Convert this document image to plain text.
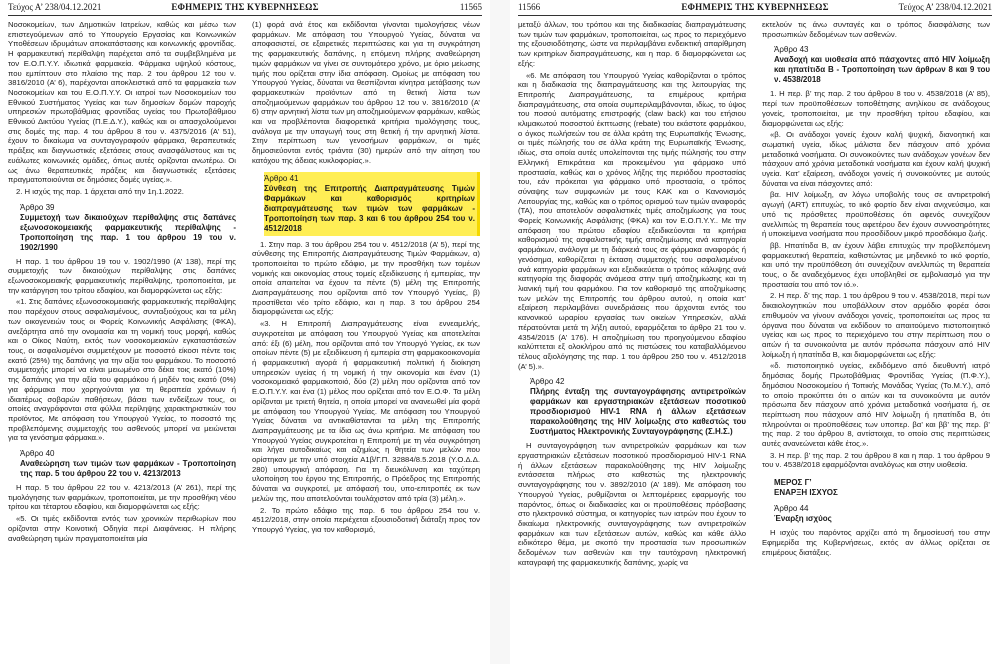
Τεύχος Α’ 238/04.12.2021	ΕΦΗΜΕΡΙΣ ΤΗΣ ΚΥΒΕΡΝΗΣΕΩΣ	11565

Νοσοκομείων, των Δημοτικών Ιατρείων, καθώς και μέσω των επιστεγούμενων από το Υπουργείο Εργασίας και Κοινωνικών Υποθέσεων ιδρυμάτων αποκατάστασης και κοινωνικής φροντίδας. Η φαρμακευτική περίθαλψη παρέχεται από τα συμβεβλημένα με τον Ε.Ο.Π.Υ.Υ. ιδιωτικά φαρμακεία. Φάρμακα υψηλού κόστους, που εμπίπτουν στο πλαίσιο της παρ. 2 του άρθρου 12 του ν. 3816/2010 (Α’ 6), παρέχονται αποκλειστικά από τα φαρμακεία των Νοσοκομείων και του Ε.Ο.Π.Υ.Υ. Οι ιατροί των Νοσοκομείων του Εθνικού Συστήματος Υγείας και των δημοσίων δομών παροχής υπηρεσιών πρωτοβάθμιας φροντίδας υγείας του Πρωτοβάθμιου Εθνικού Δικτύου Υγείας (Π.Ε.Δ.Υ.), καθώς και οι απασχολούμενοι στις δομές της παρ. 4 του άρθρου 8 του ν. 4375/2016 (Α’ 51), έχουν το δικαίωμα να συνταγογραφούν φάρμακα, θεραπευτικές πράξεις και διαγνωστικές εξετάσεις στους ανασφάλιστους και τις ευάλωτες κοινωνικές ομάδες, όπως αυτές ορίζονται ανωτέρω. Οι ως άνω θεραπευτικές πράξεις και διαγνωστικές εξετάσεις πραγματοποιούνται σε δημόσιες δομές υγείας.».

2. Η ισχύς της παρ. 1 άρχεται από την 1η.1.2022.

Άρθρο 39
Συμμετοχή των δικαιούχων περίθαλψης στις δαπάνες εξωνοσοκομειακής φαρμακευτικής περίθαλψης - Τροποποίηση της παρ. 1 του άρθρου 19 του ν. 1902/1990

Η παρ. 1 του άρθρου 19 του ν. 1902/1990 (Α’ 138), περί της συμμετοχής των δικαιούχων περίθαλψης στις δαπάνες εξωνοσοκομειακής φαρμακευτικής περίθαλψης, τροποποιείται, με την κατάργηση του τρίτου εδαφίου, και διαμορφώνεται ως εξής:

«1. Στις δαπάνες εξωνοσοκομειακής φαρμακευτικής περίθαλψης που παρέχουν στους ασφαλισμένους, συνταξιούχους και τα μέλη των οικογενειών τους οι Φορείς Κοινωνικής Ασφάλισης (ΦΚΑ), ανεξάρτητα από την ονομασία και τη νομική τους μορφή, καθώς και ο Οίκος Ναύτη, εκτός των νοσοκομειακών εγκαταστάσεών τους, οι ασφαλισμένοι συμμετέχουν με ποσοστό είκοσι πέντε τοις εκατό (25%) της δαπάνης για την αξία του φαρμάκου. Το ποσοστό συμμετοχής μπορεί να είναι μειωμένο στο δέκα τοις εκατό (10%) της δαπάνης για την αξία του φαρμάκου ή μηδέν τοις εκατό (0%) για φάρμακα που χορηγούνται για τη θεραπεία χρόνιων ή ιδιαιτέρως σοβαρών παθήσεων, βάσει των ενδείξεων τους, οι οποίες αναγράφονται στα φύλλα περίληψης χαρακτηριστικών του προϊόντος. Με απόφαση του Υπουργού Υγείας, το ποσοστό της προβλεπόμενης συμμετοχής του ασθενούς μπορεί να μειώνεται για τα γενόσημα φάρμακα.».

Άρθρο 40
Αναθεώρηση των τιμών των φαρμάκων - Τροποποίηση της παρ. 5 του άρθρου 22 του ν. 4213/2013

Η παρ. 5 του άρθρου 22 του ν. 4213/2013 (Α’ 261), περί της τιμολόγησης των φαρμάκων, τροποποιείται, με την προσθήκη νέου τρίτου και τέταρτου εδαφίου, και διαμορφώνεται ως εξής:

«5. Οι τιμές εκδίδονται εντός των χρονικών περιθωρίων που ορίζονται στην Κοινοτική Οδηγία περί Διαφάνειας. Η πλήρης αναθεώρηση τιμών πραγματοποιείται μία

(1) φορά ανά έτος και εκδίδονται γίνονται τιμολογήσεις νέων φαρμάκων. Με απόφαση του Υπουργού Υγείας, δύναται να αποφασιστεί, σε εξαιρετικές περιπτώσεις και για τη συγκράτηση της φαρμακευτικής δαπάνης, η επόμενη πλήρης αναθεώρηση τιμών φαρμάκων να γίνει σε συντομότερο χρόνο, με όριο μείωσης τιμής που ορίζεται στην ίδια απόφαση. Ομοίως με απόφαση του Υπουργού Υγείας, δύναται να θεσπίζονται κίνητρα μετάβασης των φαρμακευτικών προϊόντων από τη θετική λίστα των αποζημιούμενων φαρμάκων του άρθρου 12 του ν. 3816/2010 (Α’ 6) στην αρνητική λίστα των μη αποζημιούμενων φαρμάκων, καθώς και να προβλέπονται διαφορετικά κριτήρια τιμολόγησης τους, ανάλογα με την υπαγωγή τους στη θετική ή την αρνητική λίστα. Στην περίπτωση των γενοσήμων φαρμάκων, οι τιμές δημοσιεύονται εντός τριάντα (30) ημερών από την αίτηση του κατόχου της άδειας κυκλοφορίας.».

Άρθρο 41
Σύνθεση της Επιτροπής Διαπραγμάτευσης Τιμών Φαρμάκων και καθορισμός κριτηρίων διαπραγμάτευσης των τιμών των φαρμάκων - Τροποποίηση των παρ. 3 και 6 του άρθρου 254 του ν. 4512/2018

1. Στην παρ. 3 του άρθρου 254 του ν. 4512/2018 (Α’ 5), περί της σύνθεσης της Επιτροπής Διαπραγμάτευσης Τιμών Φαρμάκων, α) τροποποιείται το πρώτο εδάφιο, με την προσθήκη των τομέων νομικής και οικονομίας στους τομείς εξειδίκευσης ή εμπειρίας, την οποία απαιτείται να έχουν τα πέντε (5) μέλη της Επιτροπής Διαπραγμάτευσης που ορίζονται από τον Υπουργό Υγείας, β) προστίθεται νέο τρίτο εδάφιο, και η παρ. 3 του άρθρου 254 διαμορφώνεται ως εξής:

«3. Η Επιτροπή Διαπραγμάτευσης είναι εννεαμελής, συγκροτείται με απόφαση του Υπουργού Υγείας και αποτελείται από: έξι (6) μέλη, που ορίζονται από τον Υπουργό Υγείας, εκ των οποίων πέντε (5) με εξειδίκευση ή εμπειρία στη φαρμακοοικονομία ή φαρμακευτική αγορά ή φαρμακευτική πολιτική ή διοίκηση υπηρεσιών υγείας ή τη νομική ή την οικονομία και έναν (1) νοσοκομειακό φαρμακοποιό, δύο (2) μέλη που ορίζονται από τον Ε.Ο.Π.Υ.Υ. και ένα (1) μέλος που ορίζεται από τον Ε.Ο.Φ. Τα μέλη ορίζονται με τριετή θητεία, η οποία μπορεί να ανανεωθεί μία φορά με απόφαση του Υπουργού Υγείας. Με απόφαση του Υπουργού Υγείας δύναται να αντικαθίστανται τα μέλη της Επιτροπής Διαπραγμάτευσης με τα ίδια ως άνω κριτήρια. Με απόφαση του Υπουργού Υγείας συγκροτείται η Επιτροπή με τη νέα συγκρότηση και λήγει αυτοδικαίως και αζημίως η θητεία των μελών που ορίστηκαν με την υπό στοιχεία Α1β/Γ.Π. 32884/8.5.2018 (Υ.Ο.Δ.Δ. 280) υπουργική απόφαση. Για τη διευκόλυνση και ταχύτερη υλοποίηση του έργου της Επιτροπής, ο Πρόεδρος της Επιτροπής δύναται να συγκροτεί, με απόφασή του, υπο-επιτροπές εκ των μελών της, που αποτελούνται τουλάχιστον από τρία (3) μέλη.».

2. Το πρώτο εδάφιο της παρ. 6 του άρθρου 254 του ν. 4512/2018, στην οποία περιέχεται εξουσιοδοτική διάταξη προς τον Υπουργό Υγείας, για τον καθορισμό,

11566	ΕΦΗΜΕΡΙΣ ΤΗΣ ΚΥΒΕΡΝΗΣΕΩΣ	Τεύχος Α’ 238/04.12.2021

μεταξύ άλλων, του τρόπου και της διαδικασίας διαπραγμάτευσης των τιμών των φαρμάκων, τροποποιείται, ως προς το περιεχόμενο της εξουσιοδότησης, ώστε να περιλαμβάνει ενδεικτική απαρίθμηση των κριτηρίων διαπραγμάτευσης, και η παρ. 6 διαμορφώνεται ως εξής:

«6. Με απόφαση του Υπουργού Υγείας καθορίζονται ο τρόπος και η διαδικασία της διαπραγμάτευσης και της λειτουργίας της Επιτροπής Διαπραγμάτευσης, τα επιμέρους κριτήρια διαπραγμάτευσης, στα οποία συμπεριλαμβάνονται, ιδίως, το ύψος του ποσού αυτόματης επιστροφής (claw back) και του ετήσιου κλιμακωτού ποσοστού έκπτωσης (rebate) του εκάστοτε φαρμάκου, ο όγκος πωλήσεών του σε άλλα κράτη της Ευρωπαϊκής Ένωσης, οι τιμές πώλησής του σε άλλα κράτη της Ευρωπαϊκής Ένωσης, ιδίως, στα οποία αυτές υπολείπονται της τιμής πώλησής του στην Ελληνική Επικράτεια και προκειμένου για φάρμακο υπό προστασία, καθώς και ο χρόνος λήξης της περιόδου προστασίας του, εάν πρόκειται για φάρμακο υπό προστασία, ο τρόπος σύναψης των συμφωνιών με τους ΚΑΚ και ο Κανονισμός Λειτουργίας της, καθώς και ο τρόπος ορισμού των τιμών αναφοράς (ΤΑ), που αποτελούν ασφαλιστικές τιμές αποζημίωσης για τους Φορείς Κοινωνικής Ασφάλισης (ΦΚΑ) και τον Ε.Ο.Π.Υ.Υ.. Με την απόφαση του πρώτου εδαφίου εξειδικεύονται τα κριτήρια καθορισμού της ασφαλιστικής τιμής αποζημίωσης ανά κατηγορία φαρμάκων, ανάλογα με τη διάρκειά τους σε φάρμακα αναφοράς ή γενόσημα, καθορίζεται η έκταση συμμετοχής του ασφαλισμένου ανά κατηγορία φαρμάκων και εξειδικεύεται ο τρόπος κάλυψης ανά κατηγορία της διαφοράς ανάμεσα στην τιμή αποζημίωσης και τη λιανική τιμή του φαρμάκου. Για τον καθορισμό της αποζημίωσης των μελών της Επιτροπής του άρθρου αυτού, η οποία κατ’ εξαίρεση περιλαμβάνει συνεδριάσεις που άρχονται εντός του κανονικού ωραρίου εργασίας των οικείων Υπηρεσιών, αλλά πέρατούνται μετά τη λήξη αυτού, εφαρμόζεται το άρθρο 21 του ν. 4354/2015 (Α’ 176). Η αποζημίωση του προηγούμενου εδαφίου καλύπτεται εξ ολοκλήρου από τις πιστώσεις του καταβαλλόμενου τέλους αξιολόγησης της παρ. 1 του άρθρου 250 του ν. 4512/2018 (Α’ 5).».

Άρθρο 42
Πλήρης ένταξη της συνταγογράφησης αντιρετροϊκών φαρμάκων και εργαστηριακών εξετάσεων ποσοτικού προσδιορισμού HIV-1 RNA ή άλλων εξετάσεων παρακολούθησης της HIV λοίμωξης στο καθεστώς του Συστήματος Ηλεκτρονικής Συνταγογράφησης (Σ.Η.Σ.)

Η συνταγογράφηση των αντιρετροϊκών φαρμάκων και των εργαστηριακών εξετάσεων ποσοτικού προσδιορισμού HIV-1 RNA ή άλλων εξετάσεων παρακολούθησης της HIV λοίμωξης εντάσσεται πλήρως στο καθεστώς της ηλεκτρονικής συνταγογράφησης του ν. 3892/2010 (Α’ 189). Με απόφαση του Υπουργού Υγείας, ρυθμίζονται οι λεπτομέρειες εφαρμογής του παρόντος, όπως οι διαδικασίες και οι προϋποθέσεις πρόσβασης στο ηλεκτρονικό σύστημα, οι κατηγορίες των ιατρών που έχουν το δικαίωμα ηλεκτρονικής συνταγογράφησης των αντιρετροϊκών φαρμάκων και των εξετάσεων αυτών, καθώς και κάθε άλλο ειδικότερο θέμα, με σκοπό την προστασία των προσωπικών δεδομένων των ασθενών και την ταυτόχρονη ηλεκτρονική καταγραφή της φαρμακευτικής δαπάνης, χωρίς να

εκτελούν τις άνω συνταγές και ο τρόπος διασφάλισης των προσωπικών δεδομένων των ασθενών.

Άρθρο 43
Αναδοχή και υιοθεσία από πάσχοντες από HIV λοίμωξη και ηπατίτιδα Β - Τροποποίηση των άρθρων 8 και 9 του ν. 4538/2018

1. Η περ. β’ της παρ. 2 του άρθρου 8 του ν. 4538/2018 (Α’ 85), περί των προϋποθέσεων τοποθέτησης ανηλίκου σε ανάδοχους γονείς, τροποποιείται, με την προσθήκη τρίτου εδαφίου, και διαμορφώνεται ως εξής:

«β. Οι ανάδοχοι γονείς έχουν καλή ψυχική, διανοητική και σωματική υγεία, ιδίως μάλιστα δεν πάσχουν από χρόνια μεταδοτικά νοσήματα. Οι συνοικούντες των ανάδοχων γονέων δεν πάσχουν από χρόνια μεταδοτικά νοσήματα και έχουν καλή ψυχική υγεία. Κατ’ εξαίρεση, ανάδοχοι γονείς ή συνοικούντες με αυτούς δύναται να είναι πάσχοντες από:

βα. HIV λοίμωξη, αν λόγω υποβολής τους σε αντιρετροϊκή αγωγή (ART) επιτυχώς, το ιικό φορτίο δεν είναι ανιχνεύσιμο, και υπό τις πρόσθετες προϋποθέσεις ότι αφενός συνεχίζουν ανελλιπώς τη θεραπεία τους αφετέρου δεν έχουν συννοσηρότητες ή υποκείμενα νοσήματα που προσδίδουν μικρό προσδόκιμο ζωής.

ββ. Ηπατίτιδα Β, αν έχουν λάβει επιτυχώς την προβλεπόμενη φαρμακευτική θεραπεία, καθιστώντας με μηδενικό το ιικό φορτίο, και υπό την προϋπόθεση ότι συνεχίζουν ανελλιπώς τη θεραπεία τους, ο δε αναδεχόμενος έχει υποβληθεί σε εμβολιασμό για την προστασία του από τον ιό.».

2. Η περ. δ’ της παρ. 1 του άρθρου 9 του ν. 4538/2018, περί των δικαιολογητικών που υποβάλλουν στον αρμόδιο φορέα όσοι επιθυμούν να γίνουν ανάδοχοι γονείς, τροποποιείται ως προς τα όργανα που δύναται να εκδίδουν το απαιτούμενο πιστοποιητικό υγείας και ως προς το περιεχόμενο του στην περίπτωση που ο αιτών ή τα συνοικούντα με αυτόν πρόσωπα πάσχουν από HIV λοίμωξη ή ηπατίτιδα Β, και διαμορφώνεται ως εξής:

«δ. πιστοποιητικό υγείας, εκδιδόμενο από διευθυντή ιατρό δημόσιας δομής Πρωτοβάθμιας Φροντίδας Υγείας (Π.Φ.Υ.), δημόσιου Νοσοκομείου ή Τοπικής Μονάδας Υγείας (Το.Μ.Υ.), από το οποίο προκύπτει ότι ο αιτών και τα συνοικούντα με αυτόν πρόσωπα δεν πάσχουν από χρόνια μεταδοτικά νοσήματα ή, σε περίπτωση που πάσχουν από HIV λοίμωξη ή ηπατίτιδα Β, ότι πληρούνται οι προϋποθέσεις των υποπερ. βα’ και ββ’ της περ. β’ της παρ. 2 του άρθρου 8, αντίστοιχα, το οποίο στις περιπτώσεις αυτές ανανεώνεται κάθε έτος.».

3. Η περ. β’ της παρ. 2 του άρθρου 8 και η παρ. 1 του άρθρου 9 του ν. 4538/2018 εφαρμόζονται αναλόγως και στην υιοθεσία.

ΜΕΡΟΣ Γ’
ΕΝΑΡΞΗ ΙΣΧΥΟΣ
Άρθρο 44
Έναρξη ισχύος

Η ισχύς του παρόντος αρχίζει από τη δημοσίευσή του στην Εφημερίδα της Κυβερνήσεως, εκτός αν άλλως ορίζεται σε επιμέρους διατάξεις.
